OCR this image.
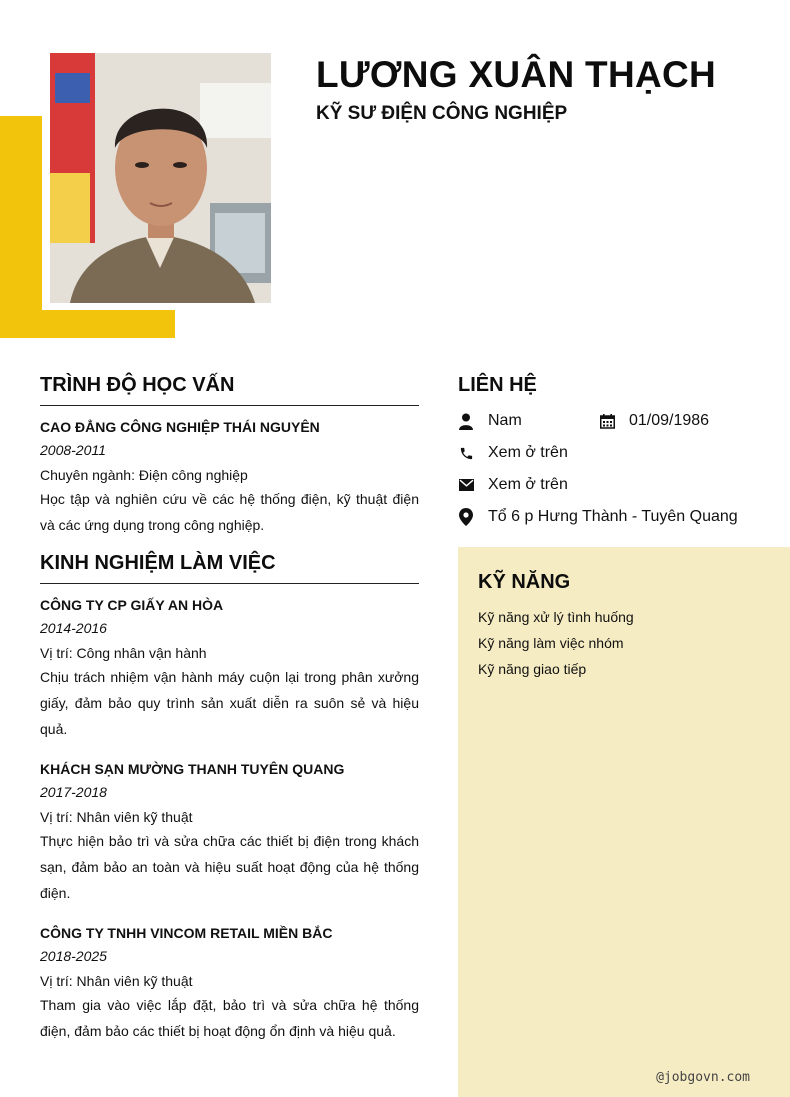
LƯƠNG XUÂN THẠCH
KỸ SƯ ĐIỆN CÔNG NGHIỆP
TRÌNH ĐỘ HỌC VẤN
CAO ĐẲNG CÔNG NGHIỆP THÁI NGUYÊN
2008-2011
Chuyên ngành: Điện công nghiệp
Học tập và nghiên cứu về các hệ thống điện, kỹ thuật điện và các ứng dụng trong công nghiệp.
KINH NGHIỆM LÀM VIỆC
CÔNG TY CP GIẤY AN HÒA
2014-2016
Vị trí: Công nhân vận hành
Chịu trách nhiệm vận hành máy cuộn lại trong phân xưởng giấy, đảm bảo quy trình sản xuất diễn ra suôn sẻ và hiệu quả.
KHÁCH SẠN MƯỜNG THANH TUYÊN QUANG
2017-2018
Vị trí: Nhân viên kỹ thuật
Thực hiện bảo trì và sửa chữa các thiết bị điện trong khách sạn, đảm bảo an toàn và hiệu suất hoạt động của hệ thống điện.
CÔNG TY TNHH VINCOM RETAIL MIỀN BẮC
2018-2025
Vị trí: Nhân viên kỹ thuật
Tham gia vào việc lắp đặt, bảo trì và sửa chữa hệ thống điện, đảm bảo các thiết bị hoạt động ổn định và hiệu quả.
LIÊN HỆ
Nam	01/09/1986
Xem ở trên
Xem ở trên
Tổ 6 p Hưng Thành - Tuyên Quang
KỸ NĂNG
Kỹ năng xử lý tình huống
Kỹ năng làm việc nhóm
Kỹ năng giao tiếp
@jobgovn.com
